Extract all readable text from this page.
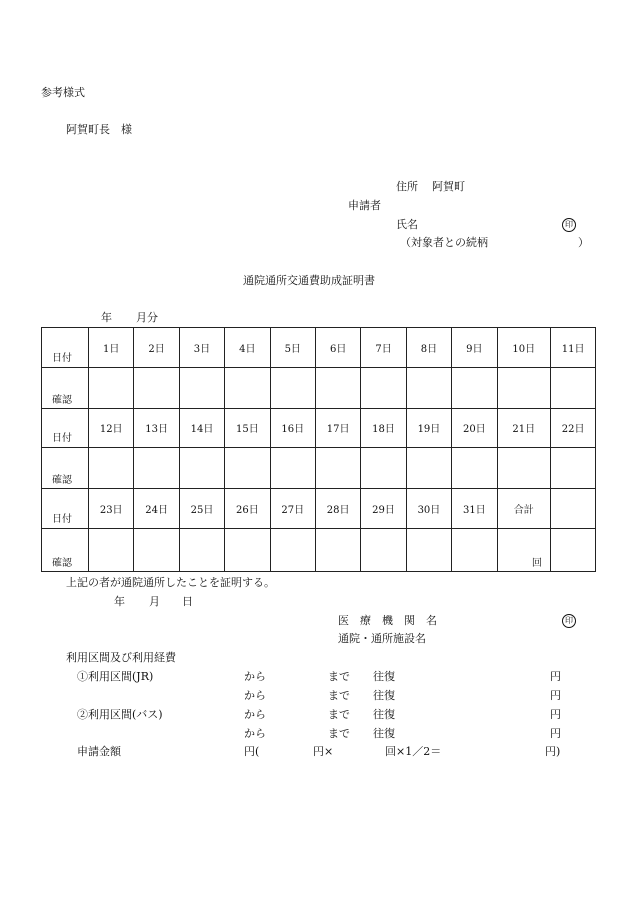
参考様式
阿賀町長　様
住所 阿賀町
申請者
氏名	印
（対象者との続柄	）
通院通所交通費助成証明書
年 月分
日付	1日	2日	3日	4日	5日	6日	7日	8日	9日	10日	11日
確認											
日付	12日	13日	14日	15日	16日	17日	18日	19日	20日	21日	22日
確認											
日付	23日	24日	25日	26日	27日	28日	29日	30日	31日	合計	
確認										回	
上記の者が通院通所したことを証明する。
年 月 日
医　療　機　関　名	印
通院・通所施設名
利用区間及び利用経費
①利用区間(JR)	から	まで 往復	円
から	まで 往復	円
②利用区間(バス)	から	まで 往復	円
から	まで 往復	円
申請金額	円(	円×	回×1／2＝	円)
